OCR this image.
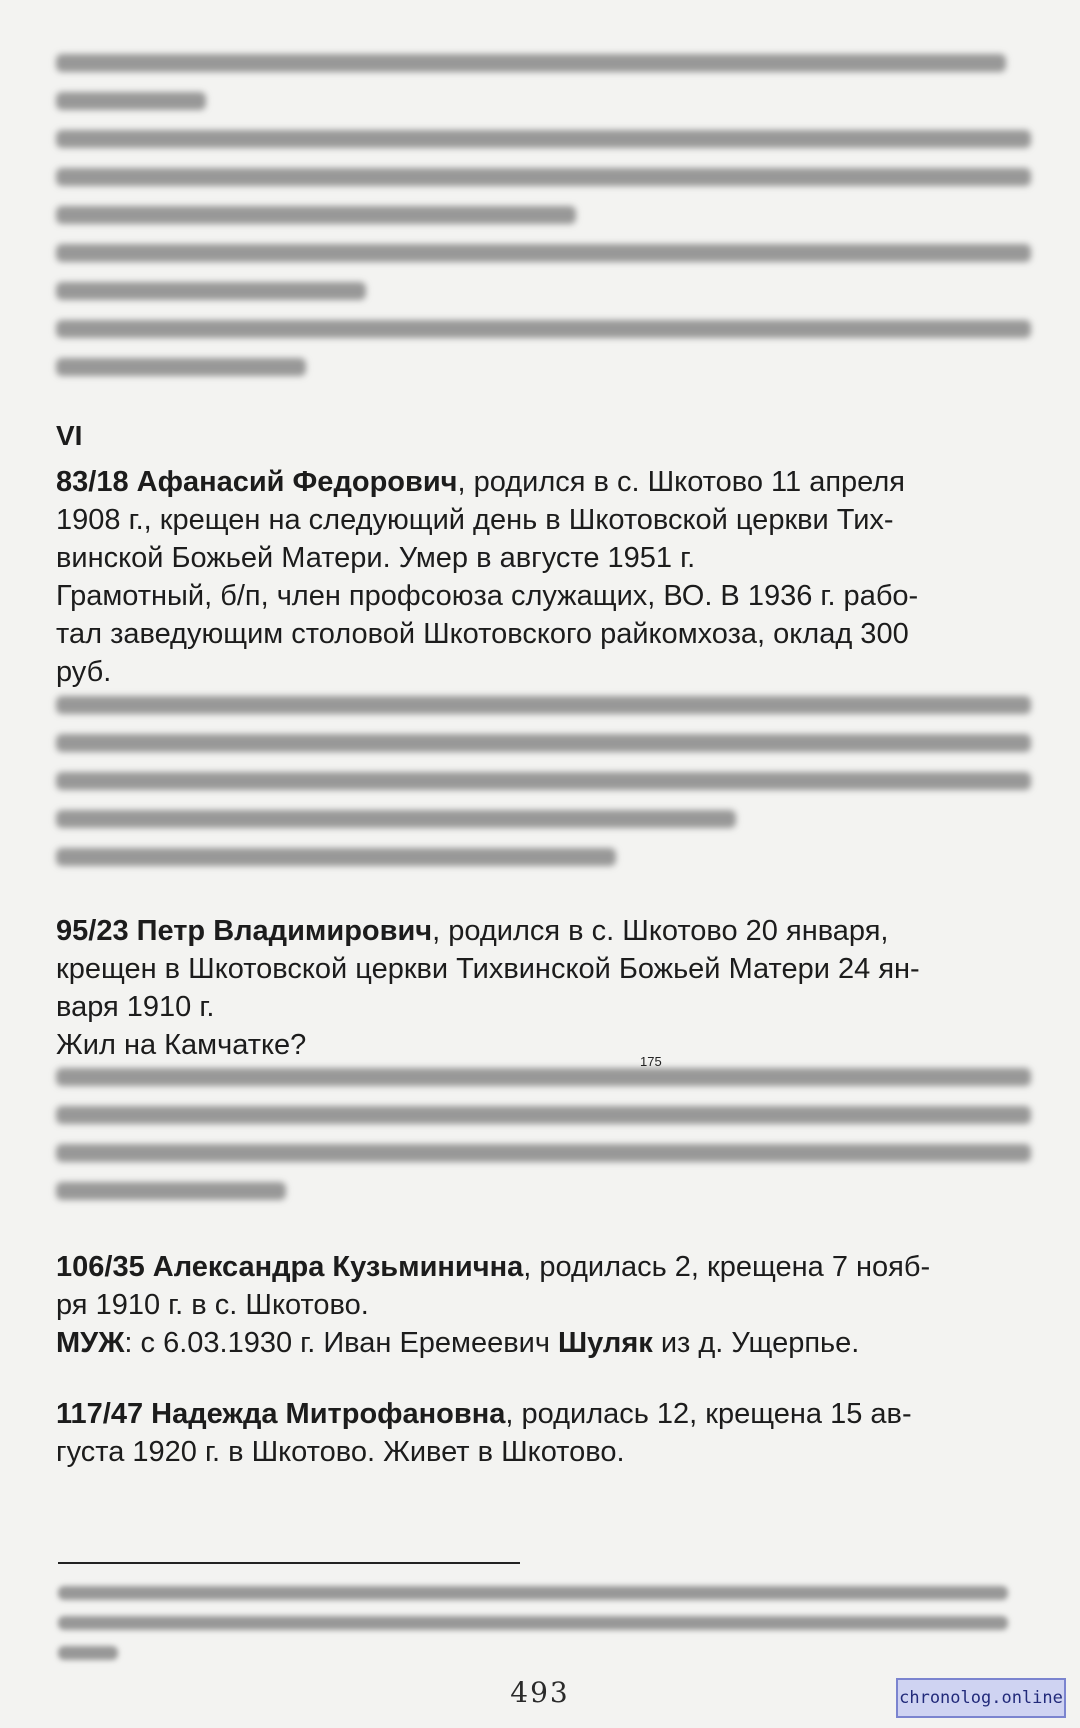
VI
83/18 Афанасий Федорович, родился в с. Шкотово 11 апреля
1908 г., крещен на следующий день в Шкотовской церкви Тих-
винской Божьей Матери. Умер в августе 1951 г.
Грамотный, б/п, член профсоюза служащих, ВО. В 1936 г. рабо-
тал заведующим столовой Шкотовского райкомхоза, оклад 300
руб.
95/23 Петр Владимирович, родился в с. Шкотово 20 января,
крещен в Шкотовской церкви Тихвинской Божьей Матери 24 ян-
варя 1910 г.
Жил на Камчатке?
175
106/35 Александра Кузьминична, родилась 2, крещена 7 нояб-
ря 1910 г. в с. Шкотово.
МУЖ: с 6.03.1930 г. Иван Еремеевич Шуляк из д. Ущерпье.
117/47 Надежда Митрофановна, родилась 12, крещена 15 ав-
густа 1920 г. в Шкотово. Живет в Шкотово.
493	chronolog.online
